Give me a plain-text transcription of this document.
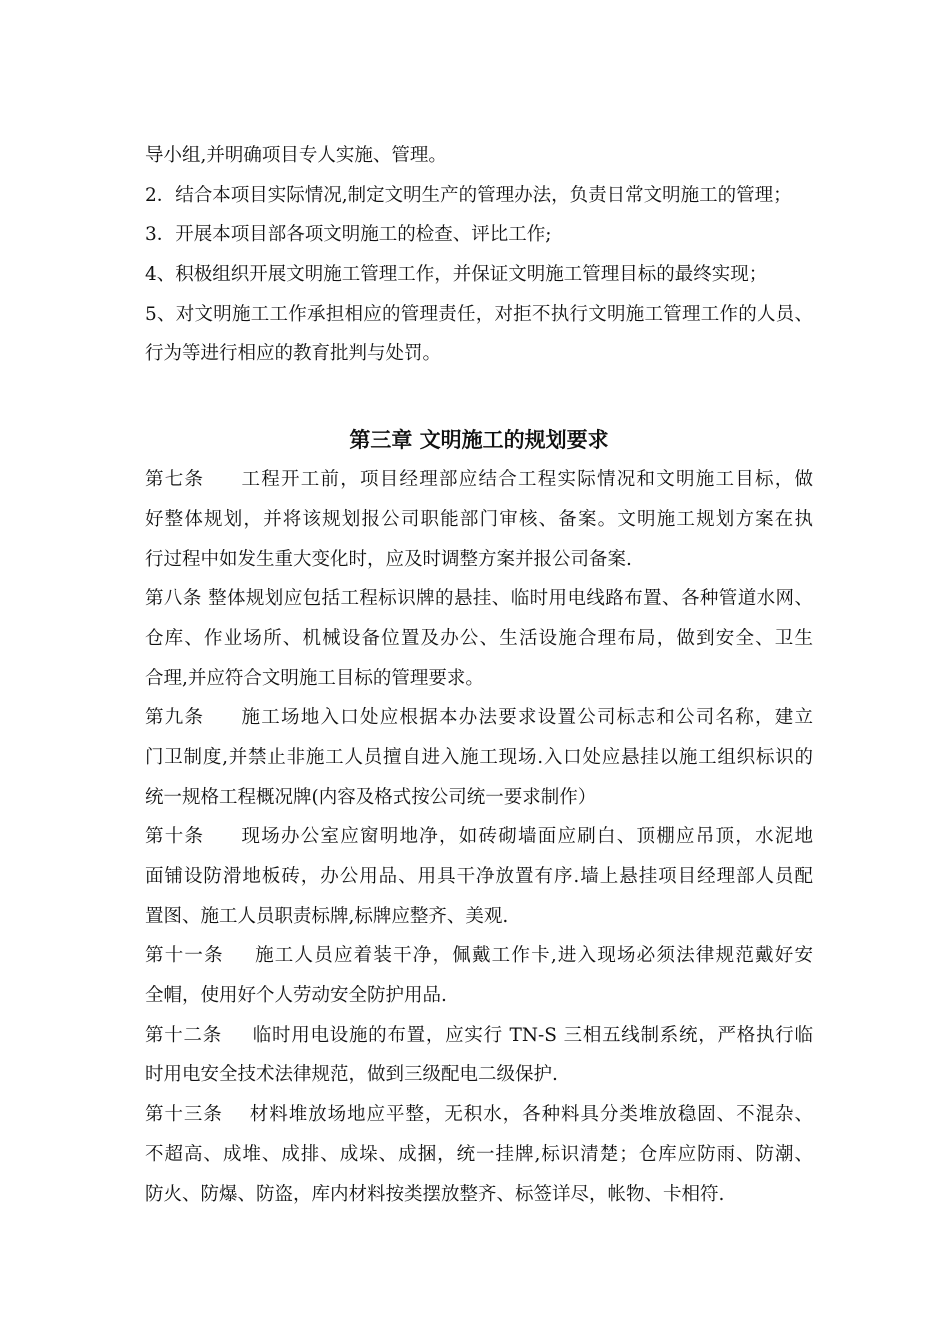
导小组,并明确项目专人实施、管理。
2．结合本项目实际情况,制定文明生产的管理办法，负责日常文明施工的管理；
3．开展本项目部各项文明施工的检查、评比工作;
4、积极组织开展文明施工管理工作，并保证文明施工管理目标的最终实现；
5、对文明施工工作承担相应的管理责任，对拒不执行文明施工管理工作的人员、
行为等进行相应的教育批判与处罚。
第三章 文明施工的规划要求
第七条 工程开工前，项目经理部应结合工程实际情况和文明施工目标，做
好整体规划，并将该规划报公司职能部门审核、备案。文明施工规划方案在执
行过程中如发生重大变化时，应及时调整方案并报公司备案.
第八条 整体规划应包括工程标识牌的悬挂、临时用电线路布置、各种管道水网、
仓库、作业场所、机械设备位置及办公、生活设施合理布局，做到安全、卫生
合理,并应符合文明施工目标的管理要求。
第九条 施工场地入口处应根据本办法要求设置公司标志和公司名称，建立
门卫制度,并禁止非施工人员擅自进入施工现场.入口处应悬挂以施工组织标识的
统一规格工程概况牌(内容及格式按公司统一要求制作）
第十条 现场办公室应窗明地净，如砖砌墙面应刷白、顶棚应吊顶，水泥地
面铺设防滑地板砖，办公用品、用具干净放置有序.墙上悬挂项目经理部人员配
置图、施工人员职责标牌,标牌应整齐、美观.
第十一条 施工人员应着装干净，佩戴工作卡,进入现场必须法律规范戴好安
全帽，使用好个人劳动安全防护用品.
第十二条 临时用电设施的布置，应实行 TN-S 三相五线制系统，严格执行临
时用电安全技术法律规范，做到三级配电二级保护.
第十三条 材料堆放场地应平整，无积水，各种料具分类堆放稳固、不混杂、
不超高、成堆、成排、成垛、成捆，统一挂牌,标识清楚；仓库应防雨、防潮、
防火、防爆、防盗，库内材料按类摆放整齐、标签详尽，帐物、卡相符.
